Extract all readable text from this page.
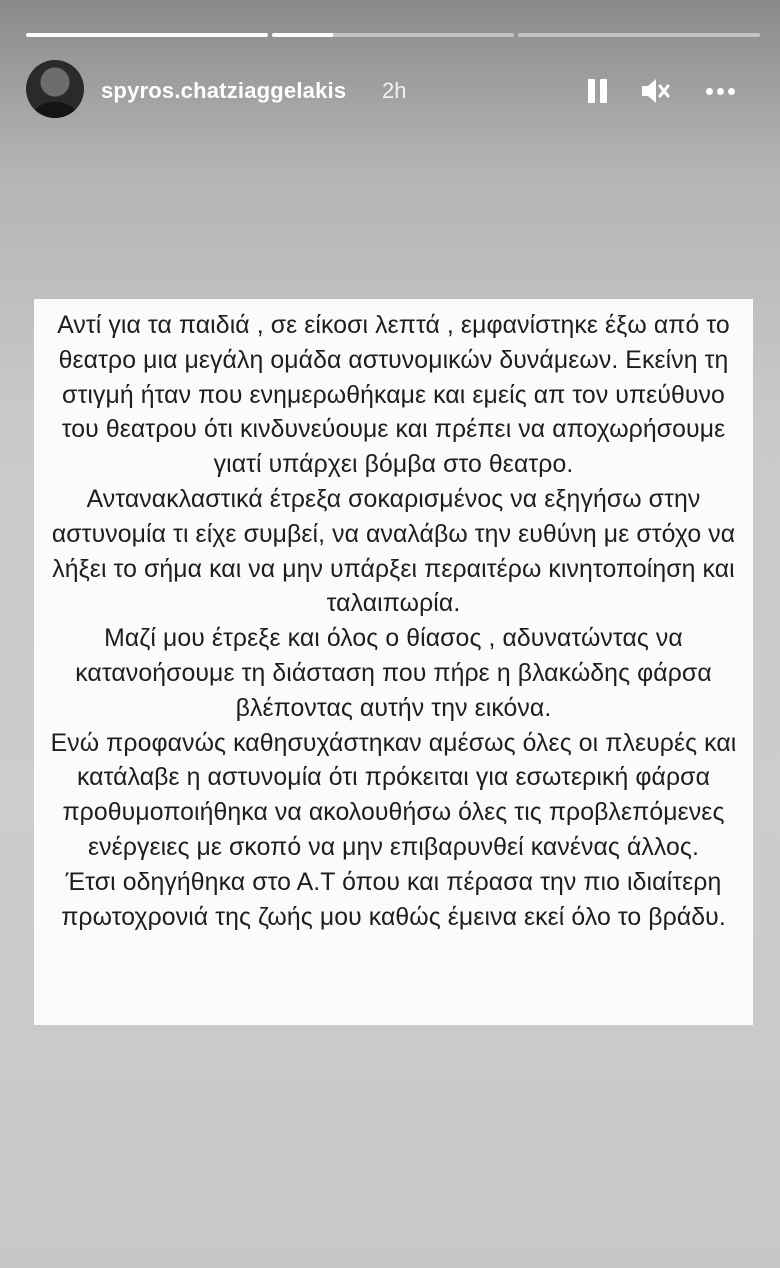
spyros.chatziaggelakis 2h

Αντί για τα παιδιά , σε είκοσι λεπτά , εμφανίστηκε έξω από το θεατρο μια μεγάλη ομάδα αστυνομικών δυνάμεων. Εκείνη τη στιγμή ήταν που ενημερωθήκαμε και εμείς απ τον υπεύθυνο του θεατρου ότι κινδυνεύουμε και πρέπει να αποχωρήσουμε γιατί υπάρχει βόμβα στο θεατρο.

Αντανακλαστικά έτρεξα σοκαρισμένος να εξηγήσω στην αστυνομία τι είχε συμβεί, να αναλάβω την ευθύνη με στόχο να λήξει το σήμα και να μην υπάρξει περαιτέρω κινητοποίηση και ταλαιπωρία.

Μαζί μου έτρεξε και όλος ο θίασος , αδυνατώντας να κατανοήσουμε τη διάσταση που πήρε η βλακώδης φάρσα βλέποντας αυτήν την εικόνα.

Ενώ προφανώς καθησυχάστηκαν αμέσως όλες οι πλευρές και κατάλαβε η αστυνομία ότι πρόκειται για εσωτερική φάρσα προθυμοποιήθηκα να ακολουθήσω όλες τις προβλεπόμενες ενέργειες με σκοπό να μην επιβαρυνθεί κανένας άλλος.

Έτσι οδηγήθηκα στο Α.Τ όπου και πέρασα την πιο ιδιαίτερη πρωτοχρονιά της ζωής μου καθώς έμεινα εκεί όλο το βράδυ.
